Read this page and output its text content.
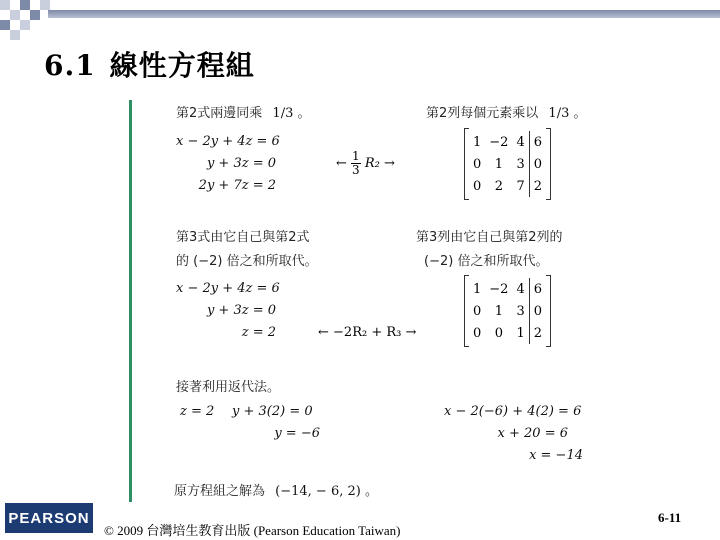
6.1 線性方程組
第2式兩邊同乘 1/3 。	第2列每個元素乘以 1/3 。
x − 2y + 4z = 6
y + 3z = 0
2y + 7z = 2
← $\frac{1}{3} R_2$ →
1	−2	4	6
0	1	3	0
0	2	7	2
第3式由它自己與第2式
的 (−2) 倍之和所取代。
第3列由它自己與第2列的
(−2) 倍之和所取代。
x − 2y + 4z = 6
y + 3z = 0
z = 2	← −2R₂ + R₃ →
1	−2	4	6
0	1	3	0
0	0	1	2
接著利用返代法。
z = 2 y + 3(2) = 0
y = −6
x − 2(−6) + 4(2) = 6
x + 20 = 6
x = −14
原方程組之解為 (−14, − 6, 2) 。
PEARSON
© 2009 台灣培生教育出版 (Pearson Education Taiwan)
6-11
